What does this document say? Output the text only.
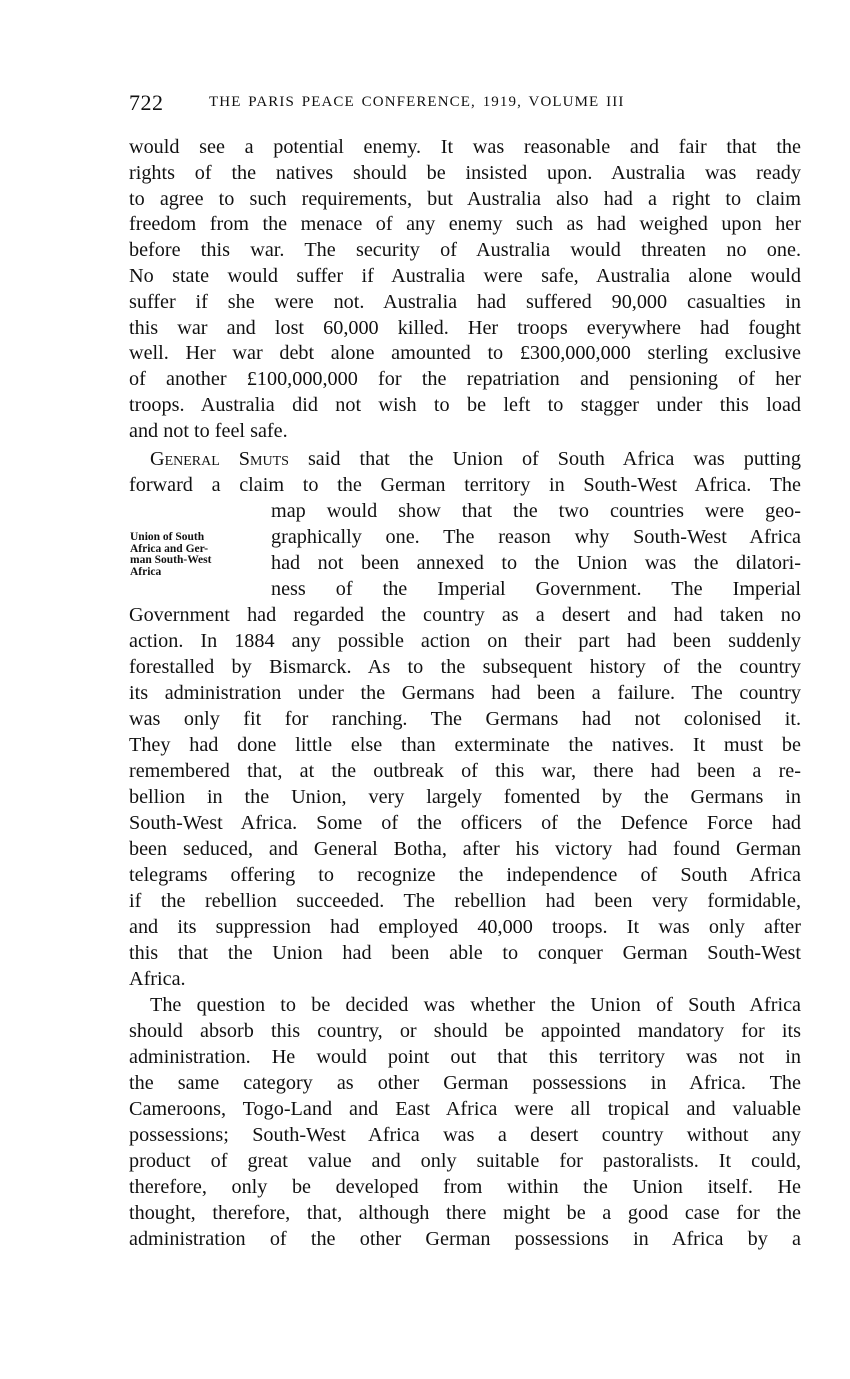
722	THE PARIS PEACE CONFERENCE, 1919, VOLUME III
Union of South
Africa and Ger-
man South-West
Africa
would see a potential enemy. It was reasonable and fair that the
rights of the natives should be insisted upon. Australia was ready
to agree to such requirements, but Australia also had a right to claim
freedom from the menace of any enemy such as had weighed upon her
before this war. The security of Australia would threaten no one.
No state would suffer if Australia were safe, Australia alone would
suffer if she were not. Australia had suffered 90,000 casualties in
this war and lost 60,000 killed. Her troops everywhere had fought
well. Her war debt alone amounted to £300,000,000 sterling exclusive
of another £100,000,000 for the repatriation and pensioning of her
troops. Australia did not wish to be left to stagger under this load
and not to feel safe.
General Smuts said that the Union of South Africa was putting
forward a claim to the German territory in South-West Africa. The
map would show that the two countries were geo-
graphically one. The reason why South-West Africa
had not been annexed to the Union was the dilatori-
ness of the Imperial Government. The Imperial
Government had regarded the country as a desert and had taken no
action. In 1884 any possible action on their part had been suddenly
forestalled by Bismarck. As to the subsequent history of the country
its administration under the Germans had been a failure. The country
was only fit for ranching. The Germans had not colonised it.
They had done little else than exterminate the natives. It must be
remembered that, at the outbreak of this war, there had been a re-
bellion in the Union, very largely fomented by the Germans in
South-West Africa. Some of the officers of the Defence Force had
been seduced, and General Botha, after his victory had found German
telegrams offering to recognize the independence of South Africa
if the rebellion succeeded. The rebellion had been very formidable,
and its suppression had employed 40,000 troops. It was only after
this that the Union had been able to conquer German South-West
Africa.
The question to be decided was whether the Union of South Africa
should absorb this country, or should be appointed mandatory for its
administration. He would point out that this territory was not in
the same category as other German possessions in Africa. The
Cameroons, Togo-Land and East Africa were all tropical and valuable
possessions; South-West Africa was a desert country without any
product of great value and only suitable for pastoralists. It could,
therefore, only be developed from within the Union itself. He
thought, therefore, that, although there might be a good case for the
administration of the other German possessions in Africa by a
